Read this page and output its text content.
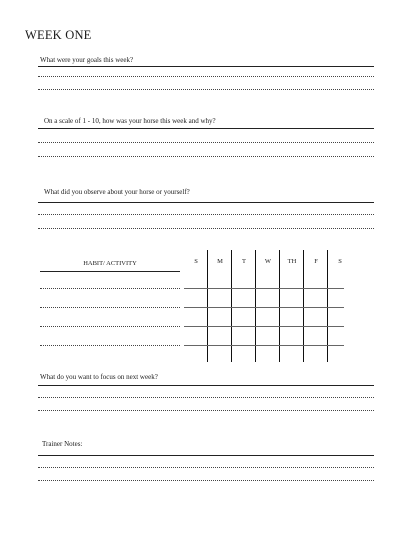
WEEK ONE
What were your goals this week?
On a scale of 1 - 10, how was your horse this week and why?
What did you observe about your horse or yourself?
HABIT/ ACTIVITY	S	M	T	W	TH	F	S
What do you want to focus on next week?
Trainer Notes:
